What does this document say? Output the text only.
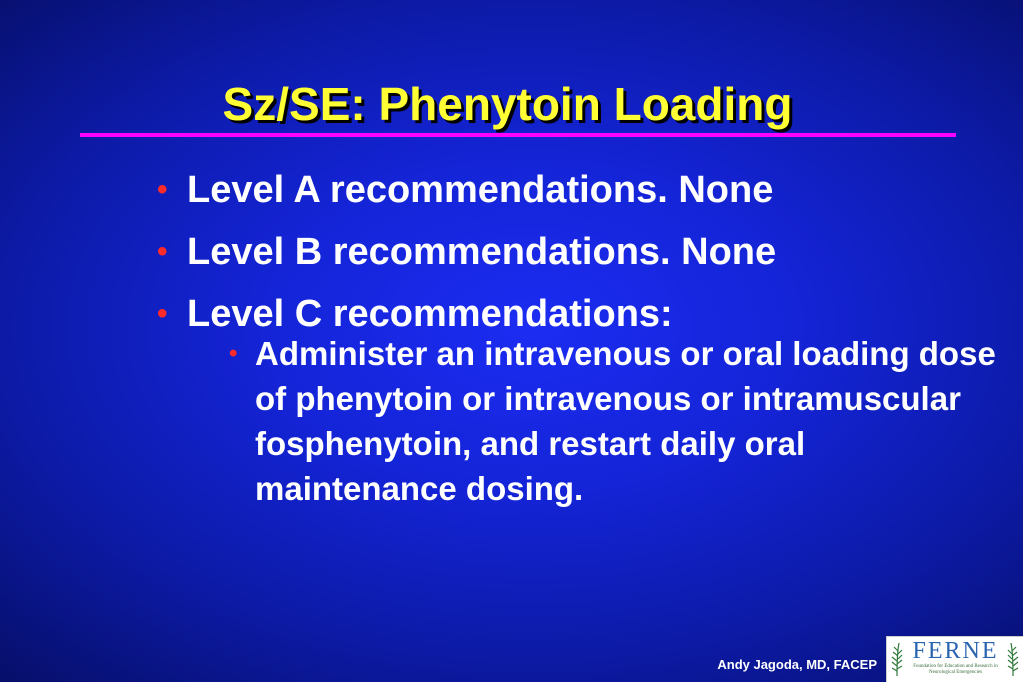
Sz/SE: Phenytoin Loading
• Level A recommendations. None
• Level B recommendations. None
• Level C recommendations:
• Administer an intravenous or oral loading dose of phenytoin or intravenous or intramuscular fosphenytoin, and restart daily oral maintenance dosing.
Andy Jagoda, MD, FACEP
FERNE
Foundation for Education and Research in Neurological Emergencies
